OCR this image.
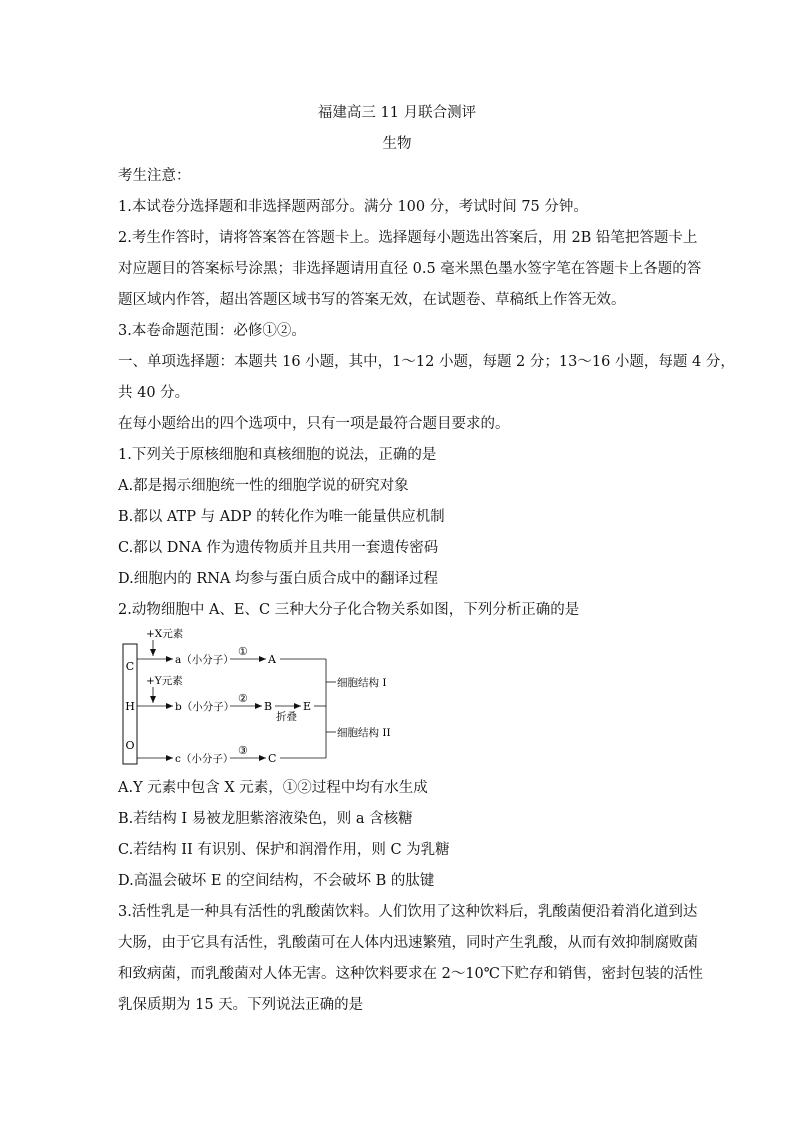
福建高三 11 月联合测评
生物
考生注意：
1.本试卷分选择题和非选择题两部分。满分 100 分，考试时间 75 分钟。
2.考生作答时，请将答案答在答题卡上。选择题每小题选出答案后，用 2B 铅笔把答题卡上
对应题目的答案标号涂黑；非选择题请用直径 0.5 毫米黑色墨水签字笔在答题卡上各题的答
题区域内作答，超出答题区域书写的答案无效，在试题卷、草稿纸上作答无效。
3.本卷命题范围：必修①②。
一、单项选择题：本题共 16 小题，其中，1～12 小题，每题 2 分；13～16 小题，每题 4 分，
共 40 分。
在每小题给出的四个选项中，只有一项是最符合题目要求的。
1.下列关于原核细胞和真核细胞的说法，正确的是
A.都是揭示细胞统一性的细胞学说的研究对象
B.都以 ATP 与 ADP 的转化作为唯一能量供应机制
C.都以 DNA 作为遗传物质并且共用一套遗传密码
D.细胞内的 RNA 均参与蛋白质合成中的翻译过程
2.动物细胞中 A、E、C 三种大分子化合物关系如图，下列分析正确的是
C
H
O
+X元素
a（小分子）
①
A
+Y元素
b（小分子）
②
B
折叠
E
细胞结构 I
c（小分子）
③
C
细胞结构 II
A.Y 元素中包含 X 元素，①②过程中均有水生成
B.若结构 I 易被龙胆紫溶液染色，则 a 含核糖
C.若结构 II 有识别、保护和润滑作用，则 C 为乳糖
D.高温会破坏 E 的空间结构，不会破坏 B 的肽键
3.活性乳是一种具有活性的乳酸菌饮料。人们饮用了这种饮料后，乳酸菌便沿着消化道到达
大肠，由于它具有活性，乳酸菌可在人体内迅速繁殖，同时产生乳酸，从而有效抑制腐败菌
和致病菌，而乳酸菌对人体无害。这种饮料要求在 2～10℃下贮存和销售，密封包装的活性
乳保质期为 15 天。下列说法正确的是
